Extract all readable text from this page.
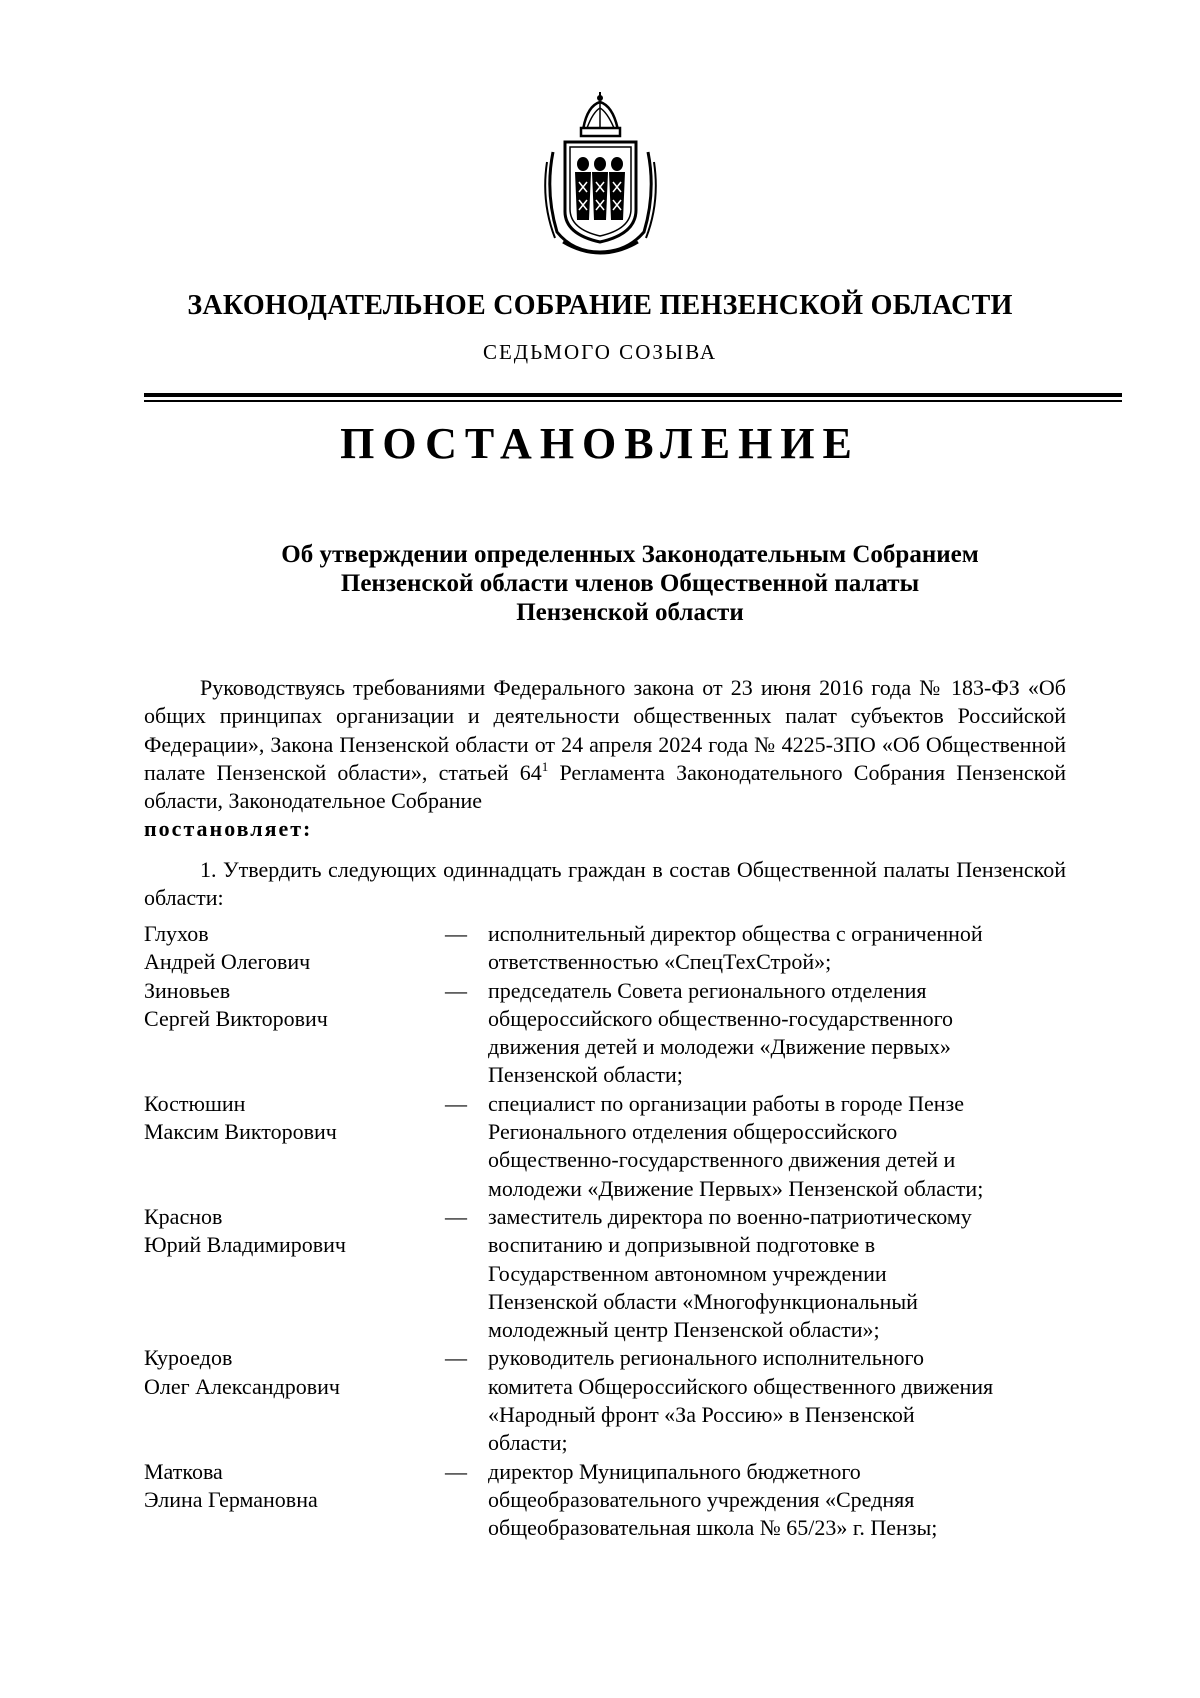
ЗАКОНОДАТЕЛЬНОЕ СОБРАНИЕ ПЕНЗЕНСКОЙ ОБЛАСТИ
СЕДЬМОГО СОЗЫВА
ПОСТАНОВЛЕНИЕ
Об утверждении определенных Законодательным Собранием
Пензенской области членов Общественной палаты
Пензенской области
Руководствуясь требованиями Федерального закона от 23 июня 2016 года № 183-ФЗ «Об общих принципах организации и деятельности общественных палат субъектов Российской Федерации», Закона Пензенской области от 24 апреля 2024 года № 4225-ЗПО «Об Общественной палате Пензенской области», статьей $64^1$ Регламента Законодательного Собрания Пензенской области, Законодательное Собрание
постановляет:
1. Утвердить следующих одиннадцать граждан в состав Общественной палаты Пензенской области:
Глухов
Андрей Олегович
— исполнительный директор общества с ограниченной
ответственностью «СпецТехСтрой»;
Зиновьев
Сергей Викторович
— председатель Совета регионального отделения
общероссийского общественно-государственного
движения детей и молодежи «Движение первых»
Пензенской области;
Костюшин
Максим Викторович
— специалист по организации работы в городе Пензе
Регионального отделения общероссийского
общественно-государственного движения детей и
молодежи «Движение Первых» Пензенской области;
Краснов
Юрий Владимирович
— заместитель директора по военно-патриотическому
воспитанию и допризывной подготовке в
Государственном автономном учреждении
Пензенской области «Многофункциональный
молодежный центр Пензенской области»;
Куроедов
Олег Александрович
— руководитель регионального исполнительного
комитета Общероссийского общественного движения
«Народный фронт «За Россию» в Пензенской
области;
Маткова
Элина Германовна
— директор Муниципального бюджетного
общеобразовательного учреждения «Средняя
общеобразовательная школа № 65/23» г. Пензы;
